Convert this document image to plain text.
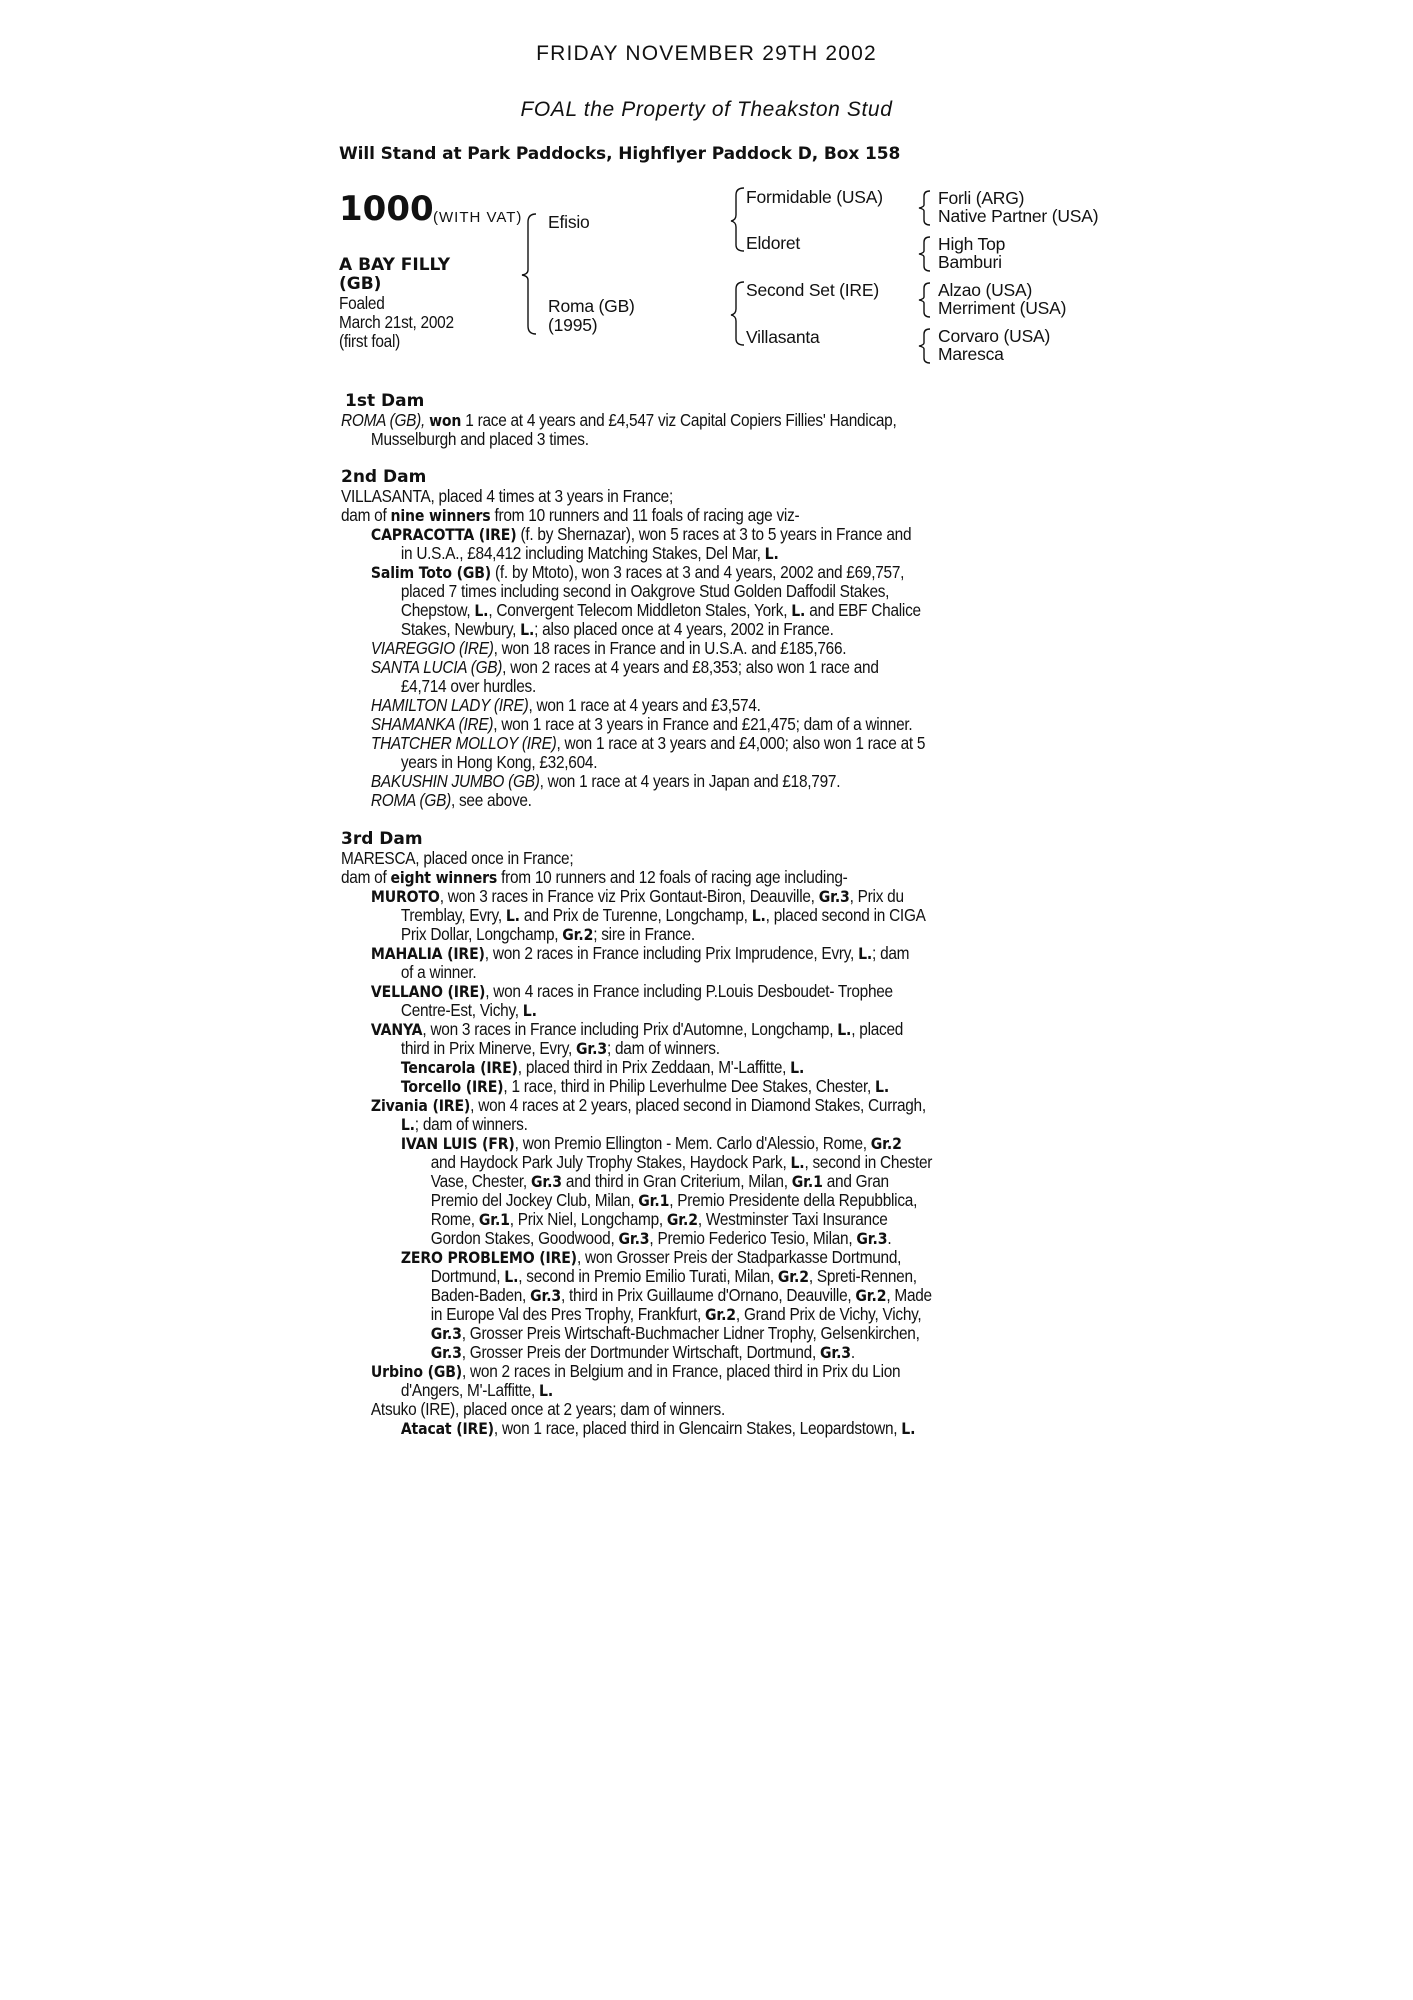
FRIDAY NOVEMBER 29TH 2002
FOAL the Property of Theakston Stud
Will Stand at Park Paddocks, Highflyer Paddock D, Box 158
1000 (WITH VAT)
A BAY FILLY
(GB)
Foaled
March 21st, 2002
(first foal)
Efisio
Roma (GB)
(1995)
Formidable (USA)
Eldoret
Second Set (IRE)
Villasanta
Forli (ARG)
Native Partner (USA)
High Top
Bamburi
Alzao (USA)
Merriment (USA)
Corvaro (USA)
Maresca
1st Dam
ROMA (GB), won 1 race at 4 years and £4,547 viz Capital Copiers Fillies' Handicap,
Musselburgh and placed 3 times.
2nd Dam
VILLASANTA, placed 4 times at 3 years in France;
dam of nine winners from 10 runners and 11 foals of racing age viz-
CAPRACOTTA (IRE) (f. by Shernazar), won 5 races at 3 to 5 years in France and
in U.S.A., £84,412 including Matching Stakes, Del Mar, L.
Salim Toto (GB) (f. by Mtoto), won 3 races at 3 and 4 years, 2002 and £69,757,
placed 7 times including second in Oakgrove Stud Golden Daffodil Stakes,
Chepstow, L., Convergent Telecom Middleton Stales, York, L. and EBF Chalice
Stakes, Newbury, L.; also placed once at 4 years, 2002 in France.
VIAREGGIO (IRE), won 18 races in France and in U.S.A. and £185,766.
SANTA LUCIA (GB), won 2 races at 4 years and £8,353; also won 1 race and
£4,714 over hurdles.
HAMILTON LADY (IRE), won 1 race at 4 years and £3,574.
SHAMANKA (IRE), won 1 race at 3 years in France and £21,475; dam of a winner.
THATCHER MOLLOY (IRE), won 1 race at 3 years and £4,000; also won 1 race at 5
years in Hong Kong, £32,604.
BAKUSHIN JUMBO (GB), won 1 race at 4 years in Japan and £18,797.
ROMA (GB), see above.
3rd Dam
MARESCA, placed once in France;
dam of eight winners from 10 runners and 12 foals of racing age including-
MUROTO, won 3 races in France viz Prix Gontaut-Biron, Deauville, Gr.3, Prix du
Tremblay, Evry, L. and Prix de Turenne, Longchamp, L., placed second in CIGA
Prix Dollar, Longchamp, Gr.2; sire in France.
MAHALIA (IRE), won 2 races in France including Prix Imprudence, Evry, L.; dam
of a winner.
VELLANO (IRE), won 4 races in France including P.Louis Desboudet- Trophee
Centre-Est, Vichy, L.
VANYA, won 3 races in France including Prix d'Automne, Longchamp, L., placed
third in Prix Minerve, Evry, Gr.3; dam of winners.
Tencarola (IRE), placed third in Prix Zeddaan, M'-Laffitte, L.
Torcello (IRE), 1 race, third in Philip Leverhulme Dee Stakes, Chester, L.
Zivania (IRE), won 4 races at 2 years, placed second in Diamond Stakes, Curragh,
L.; dam of winners.
IVAN LUIS (FR), won Premio Ellington - Mem. Carlo d'Alessio, Rome, Gr.2
and Haydock Park July Trophy Stakes, Haydock Park, L., second in Chester
Vase, Chester, Gr.3 and third in Gran Criterium, Milan, Gr.1 and Gran
Premio del Jockey Club, Milan, Gr.1, Premio Presidente della Repubblica,
Rome, Gr.1, Prix Niel, Longchamp, Gr.2, Westminster Taxi Insurance
Gordon Stakes, Goodwood, Gr.3, Premio Federico Tesio, Milan, Gr.3.
ZERO PROBLEMO (IRE), won Grosser Preis der Stadparkasse Dortmund,
Dortmund, L., second in Premio Emilio Turati, Milan, Gr.2, Spreti-Rennen,
Baden-Baden, Gr.3, third in Prix Guillaume d'Ornano, Deauville, Gr.2, Made
in Europe Val des Pres Trophy, Frankfurt, Gr.2, Grand Prix de Vichy, Vichy,
Gr.3, Grosser Preis Wirtschaft-Buchmacher Lidner Trophy, Gelsenkirchen,
Gr.3, Grosser Preis der Dortmunder Wirtschaft, Dortmund, Gr.3.
Urbino (GB), won 2 races in Belgium and in France, placed third in Prix du Lion
d'Angers, M'-Laffitte, L.
Atsuko (IRE), placed once at 2 years; dam of winners.
Atacat (IRE), won 1 race, placed third in Glencairn Stakes, Leopardstown, L.
